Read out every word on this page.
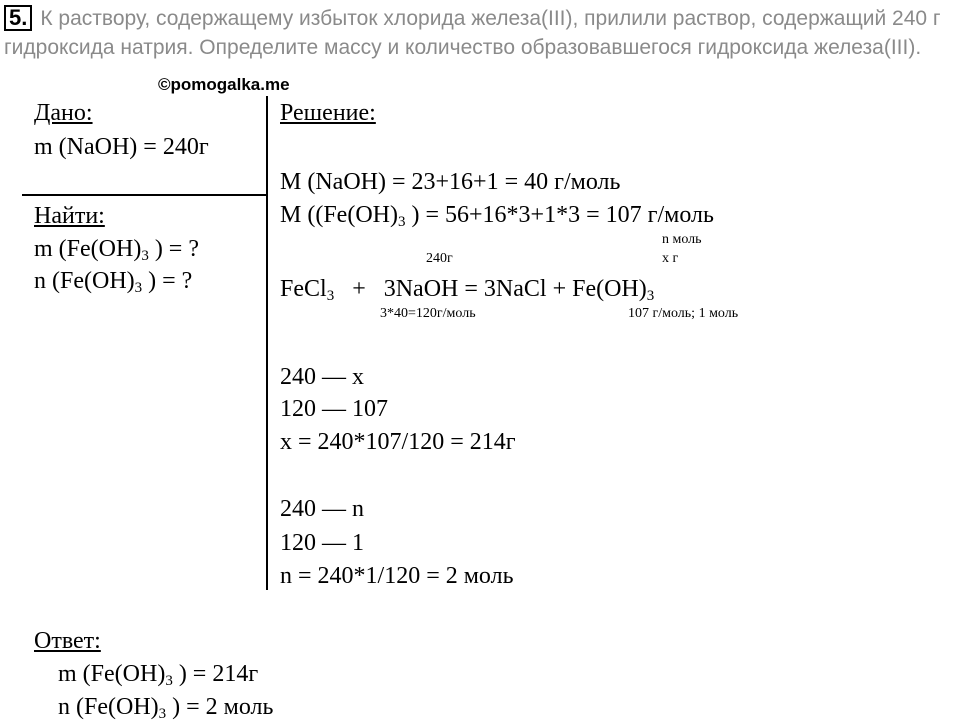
5. К раствору, содержащему избыток хлорида железа(III), прилили раствор, содержащий 240 г гидроксида натрия. Определите массу и количество образовавшегося гидроксида железа(III).
©pomogalka.me
Дано:
m (NaOH) = 240г
Найти:
m ($Fe(OH)_3$ ) = ?
n ($Fe(OH)_3$ ) = ?
Решение:
M (NaOH) = 23+16+1 = 40 г/моль
M (($Fe(OH)_3$ ) = 56+16*3+1*3 = 107 г/моль
n моль
240г	x г
FeCl$_3$   +   3NaOH = 3NaCl + $Fe(OH)_3$
3*40=120г/моль	107 г/моль; 1 моль
240 — x
120 — 107
x = 240*107/120 = 214г
240 — n
120 — 1
n = 240*1/120 = 2 моль
Ответ:
m ($Fe(OH)_3$ ) = 214г
n ($Fe(OH)_3$ ) = 2 моль
